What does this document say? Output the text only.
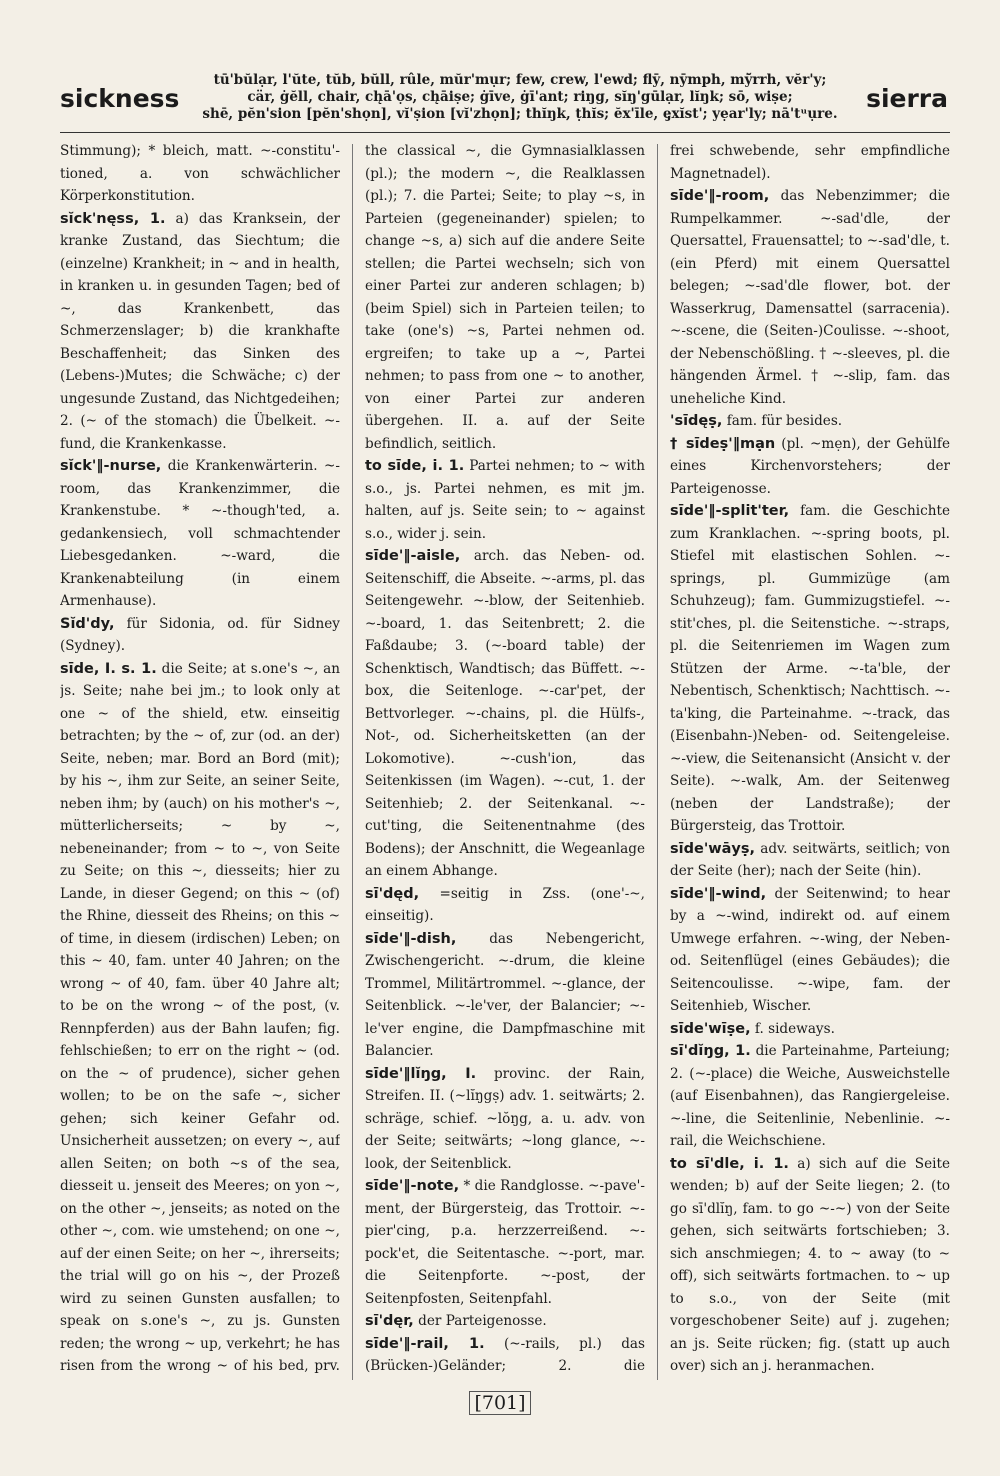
sickness
tū'bŭlạr, l'ŭte, tŭb, bŭll, rûle, mŭr'mụr; few, crew, l'ewd; flȳ, nȳmph, mȳ̆rrh, vĕr'y;
cär, ġĕll, chair, ch̨ā'ọs, ch̨āiṣe; ġīve, ġī'ant; riŋg, sĭŋ'gūlạr, lĭŋk; sō, wiṣe;
shē, pĕn'sion [pĕn'shọn], vĭ'ṣion [vĭ'zhọn]; thĭŋk, ṭhĭs; ĕx'īle, e̡xĭst'; yẹar'ly; nā'tᵘụre.
sierra

Stimmung); * bleich, matt. ~-constitu'-tioned, a. von schwächlicher Körperkonstitution.

sĭck'nęss, 1. a) das Kranksein, der kranke Zustand, das Siechtum; die (einzelne) Krankheit; in ~ and in health, in kranken u. in gesunden Tagen; bed of ~, das Krankenbett, das Schmerzenslager; b) die krankhafte Beschaffenheit; das Sinken des (Lebens-)Mutes; die Schwäche; c) der ungesunde Zustand, das Nichtgedeihen; 2. (~ of the stomach) die Übelkeit. ~-fund, die Krankenkasse.

sĭck'‖-nurse, die Krankenwärterin. ~-room, das Krankenzimmer, die Krankenstube. * ~-though'ted, a. gedankensiech, voll schmachtender Liebesgedanken. ~-ward, die Krankenabteilung (in einem Armenhause).

Sĭd'dy, für Sidonia, od. für Sidney (Sydney).

sīde, I. s. 1. die Seite; at s.one's ~, an js. Seite; nahe bei jm.; to look only at one ~ of the shield, etw. einseitig betrachten; by the ~ of, zur (od. an der) Seite, neben; mar. Bord an Bord (mit); by his ~, ihm zur Seite, an seiner Seite, neben ihm; by (auch) on his mother's ~, mütterlicherseits; ~ by ~, nebeneinander; from ~ to ~, von Seite zu Seite; on this ~, diesseits; hier zu Lande, in dieser Gegend; on this ~ (of) the Rhine, diesseit des Rheins; on this ~ of time, in diesem (irdischen) Leben; on this ~ 40, fam. unter 40 Jahren; on the wrong ~ of 40, fam. über 40 Jahre alt; to be on the wrong ~ of the post, (v. Rennpferden) aus der Bahn laufen; fig. fehlschießen; to err on the right ~ (od. on the ~ of prudence), sicher gehen wollen; to be on the safe ~, sicher gehen; sich keiner Gefahr od. Unsicherheit aussetzen; on every ~, auf allen Seiten; on both ~s of the sea, diesseit u. jenseit des Meeres; on yon ~, on the other ~, jenseits; as noted on the other ~, com. wie umstehend; on one ~, auf der einen Seite; on her ~, ihrerseits; the trial will go on his ~, der Prozeß wird zu seinen Gunsten ausfallen; to speak on s.one's ~, zu js. Gunsten reden; the wrong ~ up, verkehrt; he has risen from the wrong ~ of his bed, prv.

the classical ~, die Gymnasialklassen (pl.); the modern ~, die Realklassen (pl.); 7. die Partei; Seite; to play ~s, in Parteien (gegeneinander) spielen; to change ~s, a) sich auf die andere Seite stellen; die Partei wechseln; sich von einer Partei zur anderen schlagen; b) (beim Spiel) sich in Parteien teilen; to take (one's) ~s, Partei nehmen od. ergreifen; to take up a ~, Partei nehmen; to pass from one ~ to another, von einer Partei zur anderen übergehen. II. a. auf der Seite befindlich, seitlich.

to sīde, i. 1. Partei nehmen; to ~ with s.o., js. Partei nehmen, es mit jm. halten, auf js. Seite sein; to ~ against s.o., wider j. sein.

sīde'‖-aisle, arch. das Neben- od. Seitenschiff, die Abseite. ~-arms, pl. das Seitengewehr. ~-blow, der Seitenhieb. ~-board, 1. das Seitenbrett; 2. die Faßdaube; 3. (~-board table) der Schenktisch, Wandtisch; das Büffett. ~-box, die Seitenloge. ~-car'pet, der Bettvorleger. ~-chains, pl. die Hülfs-, Not-, od. Sicherheitsketten (an der Lokomotive). ~-cush'ion, das Seitenkissen (im Wagen). ~-cut, 1. der Seitenhieb; 2. der Seitenkanal. ~-cut'ting, die Seitenentnahme (des Bodens); der Anschnitt, die Wegeanlage an einem Abhange.

sī'dęd, =seitig in Zss. (one'-~, einseitig).

sīde'‖-dish, das Nebengericht, Zwischengericht. ~-drum, die kleine Trommel, Militärtrommel. ~-glance, der Seitenblick. ~-le'ver, der Balancier; ~-le'ver engine, die Dampfmaschine mit Balancier.

sīde'‖lĭŋg, I. provinc. der Rain, Streifen. II. (~lĭŋgṣ) adv. 1. seitwärts; 2. schräge, schief. ~lŏŋg, a. u. adv. von der Seite; seitwärts; ~long glance, ~-look, der Seitenblick.

sīde'‖-note, * die Randglosse. ~-pave'-ment, der Bürgersteig, das Trottoir. ~-pier'cing, p.a. herzzerreißend. ~-pock'et, die Seitentasche. ~-port, mar. die Seitenpforte. ~-post, der Seitenpfosten, Seitenpfahl.

sī'dęr, der Parteigenosse.

sīde'‖-rail, 1. (~-rails, pl.) das (Brücken-)Geländer; 2. die

frei schwebende, sehr empfindliche Magnetnadel).

sīde'‖-room, das Nebenzimmer; die Rumpelkammer. ~-sad'dle, der Quersattel, Frauensattel; to ~-sad'dle, t. (ein Pferd) mit einem Quersattel belegen; ~-sad'dle flower, bot. der Wasserkrug, Damensattel (sarracenia). ~-scene, die (Seiten-)Coulisse. ~-shoot, der Nebenschößling. † ~-sleeves, pl. die hängenden Ärmel. † ~-slip, fam. das uneheliche Kind.

'sīdęṣ, fam. für besides.

† sīdeṣ'‖mạn (pl. ~mẹn), der Gehülfe eines Kirchenvorstehers; der Parteigenosse.

sīde'‖-split'ter, fam. die Geschichte zum Kranklachen. ~-spring boots, pl. Stiefel mit elastischen Sohlen. ~-springs, pl. Gummizüge (am Schuhzeug); fam. Gummizugstiefel. ~-stit'ches, pl. die Seitenstiche. ~-straps, pl. die Seitenriemen im Wagen zum Stützen der Arme. ~-ta'ble, der Nebentisch, Schenktisch; Nachttisch. ~-ta'king, die Parteinahme. ~-track, das (Eisenbahn-)Neben- od. Seitengeleise. ~-view, die Seitenansicht (Ansicht v. der Seite). ~-walk, Am. der Seitenweg (neben der Landstraße); der Bürgersteig, das Trottoir.

sīde'wāyṣ, adv. seitwärts, seitlich; von der Seite (her); nach der Seite (hin).

sīde'‖-wind, der Seitenwind; to hear by a ~-wind, indirekt od. auf einem Umwege erfahren. ~-wing, der Neben- od. Seitenflügel (eines Gebäudes); die Seitencoulisse. ~-wipe, fam. der Seitenhieb, Wischer.

sīde'wīṣe, f. sideways.

sī'dĭŋg, 1. die Parteinahme, Parteiung; 2. (~-place) die Weiche, Ausweichstelle (auf Eisenbahnen), das Rangiergeleise. ~-line, die Seitenlinie, Nebenlinie. ~-rail, die Weichschiene.

to sī'dle, i. 1. a) sich auf die Seite wenden; b) auf der Seite liegen; 2. (to go sī'dlĭŋ, fam. to go ~-~) von der Seite gehen, sich seitwärts fortschieben; 3. sich anschmiegen; 4. to ~ away (to ~ off), sich seitwärts fortmachen. to ~ up to s.o., von der Seite (mit vorgeschobener Seite) auf j. zugehen; an js. Seite rücken; fig. (statt up auch over) sich an j. heranmachen.

[701]
